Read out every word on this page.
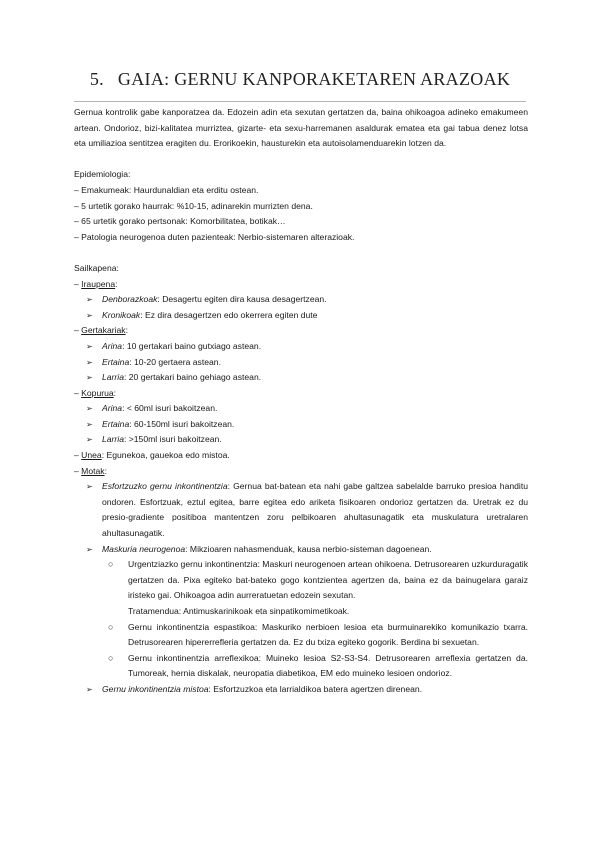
5. GAIA: GERNU KANPORAKETAREN ARAZOAK

Gernua kontrolik gabe kanporatzea da. Edozein adin eta sexutan gertatzen da, baina ohikoagoa adineko emakumeen artean. Ondorioz, bizi-kalitatea murriztea, gizarte- eta sexu-harremanen asaldurak ematea eta gai tabua denez lotsa eta umiliazioa sentitzea eragiten du. Erorikoekin, hausturekin eta autoisolamenduarekin lotzen da.

Epidemiologia:

– Emakumeak: Haurdunaldian eta erditu ostean.

– 5 urtetik gorako haurrak: %10-15, adinarekin murrizten dena.

– 65 urtetik gorako pertsonak: Komorbilitatea, botikak…

– Patologia neurogenoa duten pazienteak: Nerbio-sistemaren alterazioak.

Sailkapena:

– Iraupena:

➢ Denborazkoak: Desagertu egiten dira kausa desagertzean.
➢ Kronikoak: Ez dira desagertzen edo okerrera egiten dute

– Gertakariak:

➢ Arina: 10 gertakari baino gutxiago astean.
➢ Ertaina: 10-20 gertaera astean.
➢ Larria: 20 gertakari baino gehiago astean.

– Kopurua:

➢ Arina: < 60ml isuri bakoitzean.
➢ Ertaina: 60-150ml isuri bakoitzean.
➢ Larria: >150ml isuri bakoitzean.

– Unea: Egunekoa, gauekoa edo mistoa.

– Motak:

➢ Esfortzuzko gernu inkontinentzia: Gernua bat-batean eta nahi gabe galtzea sabelalde barruko presioa handitu ondoren. Esfortzuak, eztul egitea, barre egitea edo ariketa fisikoaren ondorioz gertatzen da. Uretrak ez du presio-gradiente positiboa mantentzen zoru pelbikoaren ahultasunagatik eta muskulatura uretralaren ahultasunagatik.
➢ Maskuria neurogenoa: Mikzioaren nahasmenduak, kausa nerbio-sisteman dagoenean.
○ Urgentziazko gernu inkontinentzia: Maskuri neurogenoen artean ohikoena. Detrusorearen uzkurduragatik gertatzen da. Pixa egiteko bat-bateko gogo kontzientea agertzen da, baina ez da bainugelara garaiz iristeko gai. Ohikoagoa adin aurreratuetan edozein sexutan.
Tratamendua: Antimuskarinikoak eta sinpatikomimetikoak.
○ Gernu inkontinentzia espastikoa: Maskuriko nerbioen lesioa eta burmuinarekiko komunikazio txarra. Detrusorearen hipererrefleria gertatzen da. Ez du txiza egiteko gogorik. Berdina bi sexuetan.
○ Gernu inkontinentzia arreflexikoa: Muineko lesioa S2-S3-S4. Detrusorearen arreflexia gertatzen da. Tumoreak, hernia diskalak, neuropatia diabetikoa, EM edo muineko lesioen ondorioz.
➢ Gernu inkontinentzia mistoa: Esfortzuzkoa eta larrialdikoa batera agertzen direnean.
